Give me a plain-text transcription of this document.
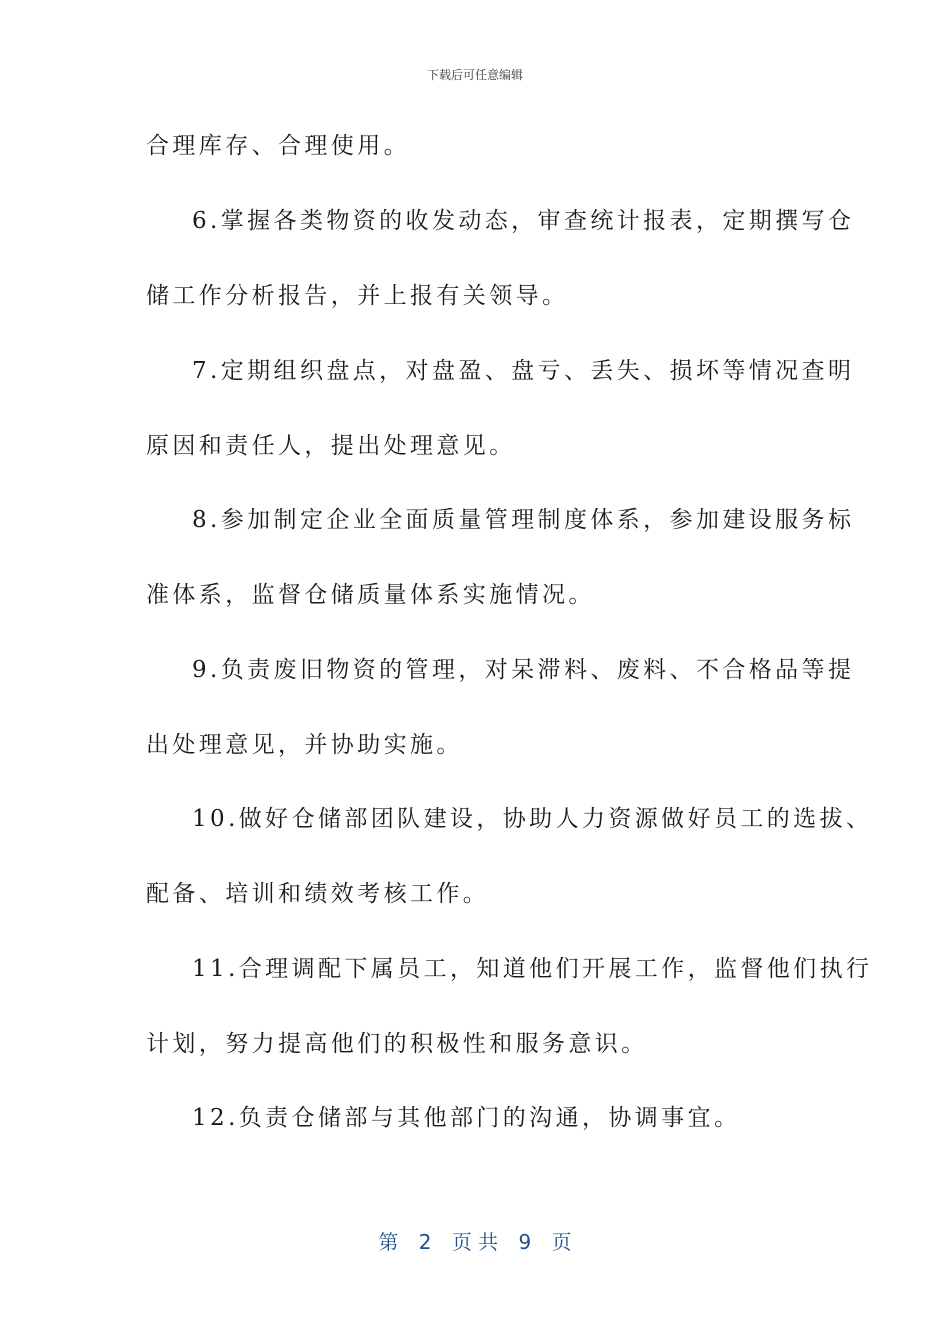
下载后可任意编辑
合理库存、合理使用。
6.掌握各类物资的收发动态，审查统计报表，定期撰写仓
储工作分析报告，并上报有关领导。
7.定期组织盘点，对盘盈、盘亏、丢失、损坏等情况查明
原因和责任人，提出处理意见。
8.参加制定企业全面质量管理制度体系，参加建设服务标
准体系，监督仓储质量体系实施情况。
9.负责废旧物资的管理，对呆滞料、废料、不合格品等提
出处理意见，并协助实施。
10.做好仓储部团队建设，协助人力资源做好员工的选拔、
配备、培训和绩效考核工作。
11.合理调配下属员工，知道他们开展工作，监督他们执行
计划，努力提高他们的积极性和服务意识。
12.负责仓储部与其他部门的沟通，协调事宜。
第 2 页 共 9 页
